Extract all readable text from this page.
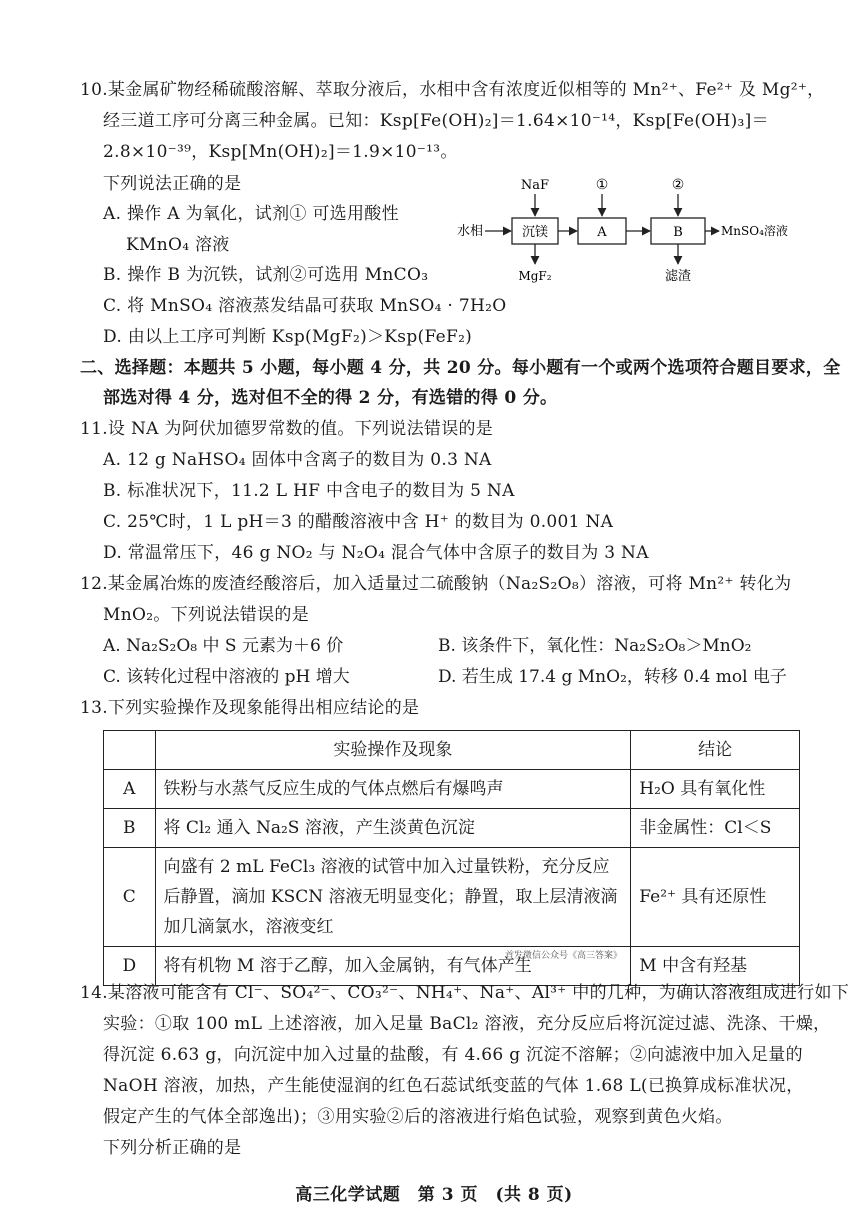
10.某金属矿物经稀硫酸溶解、萃取分液后，水相中含有浓度近似相等的 Mn²⁺、Fe²⁺ 及 Mg²⁺，
经三道工序可分离三种金属。已知：Ksp[Fe(OH)₂]＝1.64×10⁻¹⁴，Ksp[Fe(OH)₃]＝
2.8×10⁻³⁹，Ksp[Mn(OH)₂]＝1.9×10⁻¹³。
下列说法正确的是
A. 操作 A 为氧化，试剂① 可选用酸性
KMnO₄ 溶液
B. 操作 B 为沉铁，试剂②可选用 MnCO₃
C. 将 MnSO₄ 溶液蒸发结晶可获取 MnSO₄ · 7H₂O
D. 由以上工序可判断 Ksp(MgF₂)＞Ksp(FeF₂)
NaF	①	②
水相	沉镁	A	B	MnSO₄溶液
MgF₂	滤渣
二、选择题：本题共 5 小题，每小题 4 分，共 20 分。每小题有一个或两个选项符合题目要求，全
部选对得 4 分，选对但不全的得 2 分，有选错的得 0 分。
11.设 NA 为阿伏加德罗常数的值。下列说法错误的是
A. 12 g NaHSO₄ 固体中含离子的数目为 0.3 NA
B. 标准状况下，11.2 L HF 中含电子的数目为 5 NA
C. 25℃时，1 L pH＝3 的醋酸溶液中含 H⁺ 的数目为 0.001 NA
D. 常温常压下，46 g NO₂ 与 N₂O₄ 混合气体中含原子的数目为 3 NA
12.某金属冶炼的废渣经酸溶后，加入适量过二硫酸钠（Na₂S₂O₈）溶液，可将 Mn²⁺ 转化为
MnO₂。下列说法错误的是
A. Na₂S₂O₈ 中 S 元素为＋6 价	B. 该条件下，氧化性：Na₂S₂O₈＞MnO₂
C. 该转化过程中溶液的 pH 增大	D. 若生成 17.4 g MnO₂，转移 0.4 mol 电子
13.下列实验操作及现象能得出相应结论的是
	实验操作及现象	结论
A	铁粉与水蒸气反应生成的气体点燃后有爆鸣声	H₂O 具有氧化性
B	将 Cl₂ 通入 Na₂S 溶液，产生淡黄色沉淀	非金属性：Cl＜S
C	向盛有 2 mL FeCl₃ 溶液的试管中加入过量铁粉，充分反应后静置，滴加 KSCN 溶液无明显变化；静置，取上层清液滴加几滴氯水，溶液变红	Fe²⁺ 具有还原性
D	将有机物 M 溶于乙醇，加入金属钠，有气体产生	M 中含有羟基
首发微信公众号《高三答案》
14.某溶液可能含有 Cl⁻、SO₄²⁻、CO₃²⁻、NH₄⁺、Na⁺、Al³⁺ 中的几种，为确认溶液组成进行如下
实验：①取 100 mL 上述溶液，加入足量 BaCl₂ 溶液，充分反应后将沉淀过滤、洗涤、干燥，
得沉淀 6.63 g，向沉淀中加入过量的盐酸，有 4.66 g 沉淀不溶解；②向滤液中加入足量的
NaOH 溶液，加热，产生能使湿润的红色石蕊试纸变蓝的气体 1.68 L(已换算成标准状况，
假定产生的气体全部逸出)；③用实验②后的溶液进行焰色试验，观察到黄色火焰。
下列分析正确的是
高三化学试题　第 3 页　(共 8 页)
